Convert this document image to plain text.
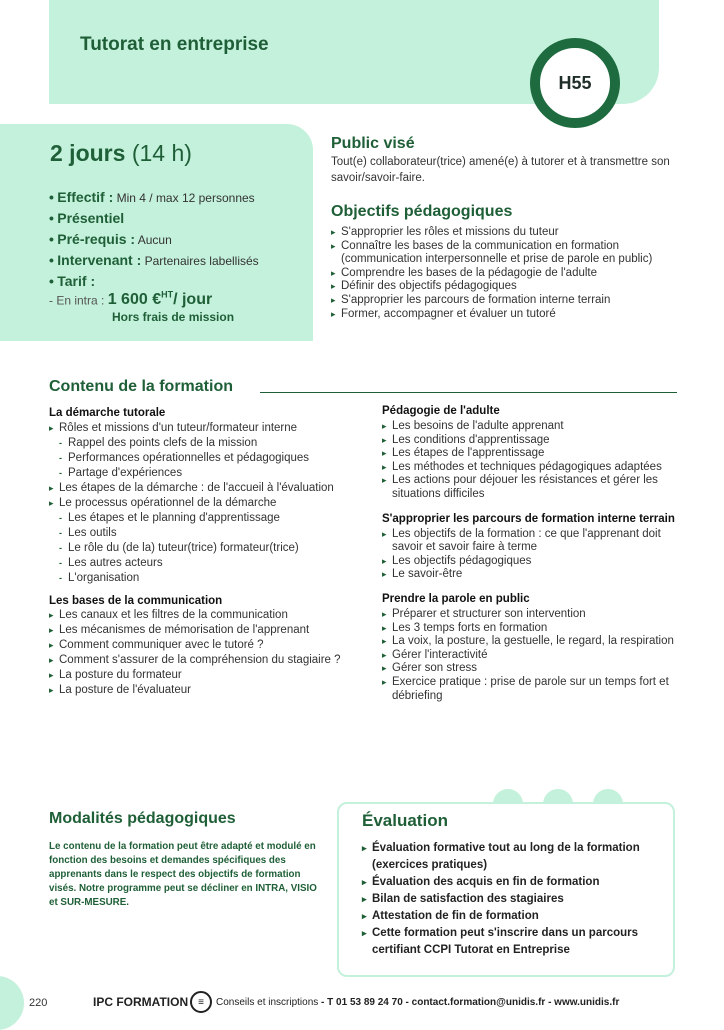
Tutorat en entreprise
H55
2 jours (14 h)
• Effectif : Min 4 / max 12 personnes
• Présentiel
• Pré-requis : Aucun
• Intervenant : Partenaires labellisés
• Tarif :
- En intra : 1 600 €$^{HT}$/ jour
Hors frais de mission
Public visé
Tout(e) collaborateur(trice) amené(e) à tutorer et à transmettre son savoir/savoir-faire.
Objectifs pédagogiques
▸ S'approprier les rôles et missions du tuteur
▸ Connaître les bases de la communication en formation (communication interpersonnelle et prise de parole en public)
▸ Comprendre les bases de la pédagogie de l'adulte
▸ Définir des objectifs pédagogiques
▸ S'approprier les parcours de formation interne terrain
▸ Former, accompagner et évaluer un tutoré
Contenu de la formation
La démarche tutorale
▸ Rôles et missions d'un tuteur/formateur interne
- Rappel des points clefs de la mission
- Performances opérationnelles et pédagogiques
- Partage d'expériences
▸ Les étapes de la démarche : de l'accueil à l'évaluation
▸ Le processus opérationnel de la démarche
- Les étapes et le planning d'apprentissage
- Les outils
- Le rôle du (de la) tuteur(trice) formateur(trice)
- Les autres acteurs
- L'organisation
Les bases de la communication
▸ Les canaux et les filtres de la communication
▸ Les mécanismes de mémorisation de l'apprenant
▸ Comment communiquer avec le tutoré ?
▸ Comment s'assurer de la compréhension du stagiaire ?
▸ La posture du formateur
▸ La posture de l'évaluateur
Pédagogie de l'adulte
▸ Les besoins de l'adulte apprenant
▸ Les conditions d'apprentissage
▸ Les étapes de l'apprentissage
▸ Les méthodes et techniques pédagogiques adaptées
▸ Les actions pour déjouer les résistances et gérer les situations difficiles
S'approprier les parcours de formation interne terrain
▸ Les objectifs de la formation : ce que l'apprenant doit savoir et savoir faire à terme
▸ Les objectifs pédagogiques
▸ Le savoir-être
Prendre la parole en public
▸ Préparer et structurer son intervention
▸ Les 3 temps forts en formation
▸ La voix, la posture, la gestuelle, le regard, la respiration
▸ Gérer l'interactivité
▸ Gérer son stress
▸ Exercice pratique : prise de parole sur un temps fort et débriefing
Modalités pédagogiques
Le contenu de la formation peut être adapté et modulé en fonction des besoins et demandes spécifiques des apprenants dans le respect des objectifs de formation visés. Notre programme peut se décliner en INTRA, VISIO et SUR-MESURE.
Évaluation
▸ Évaluation formative tout au long de la formation (exercices pratiques)
▸ Évaluation des acquis en fin de formation
▸ Bilan de satisfaction des stagiaires
▸ Attestation de fin de formation
▸ Cette formation peut s'inscrire dans un parcours certifiant CCPI Tutorat en Entreprise
220	IPC FORMATION ≡	Conseils et inscriptions - T 01 53 89 24 70 - contact.formation@unidis.fr - www.unidis.fr
